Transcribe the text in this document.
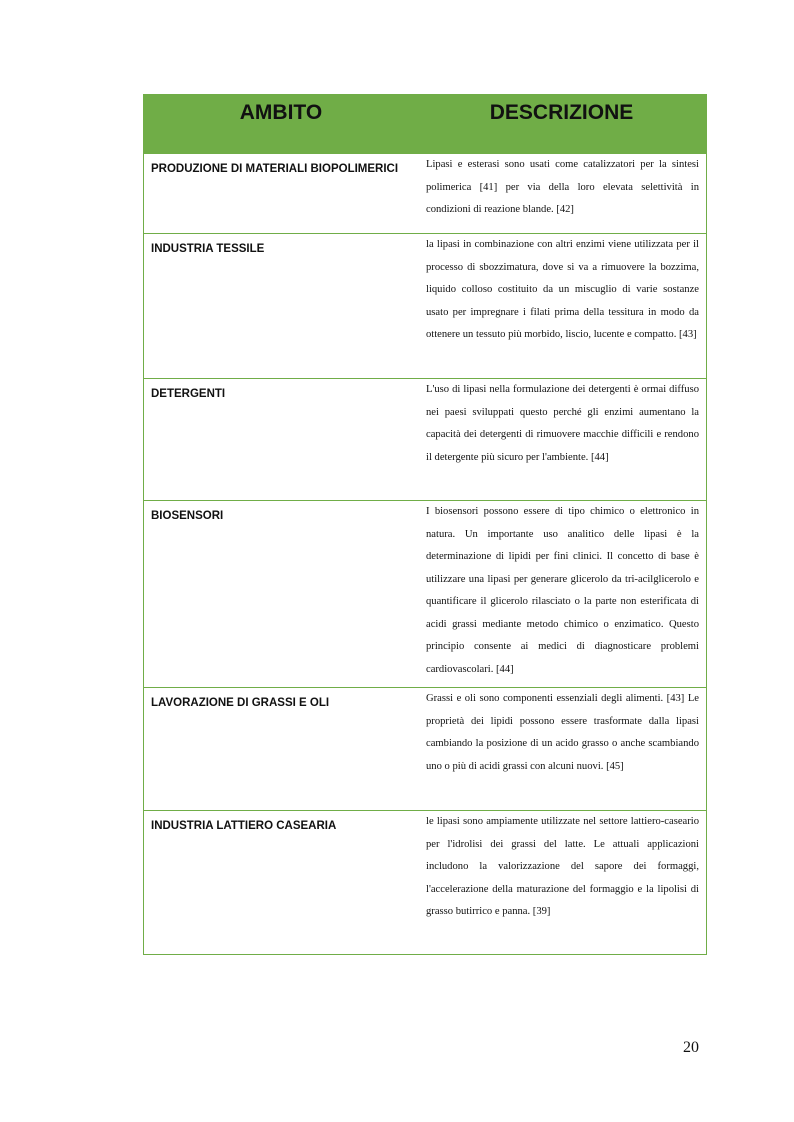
AMBITO	DESCRIZIONE
PRODUZIONE DI MATERIALI BIOPOLIMERICI	Lipasi e esterasi sono usati come catalizzatori per la sintesi polimerica [41] per via della loro elevata selettività in condizioni di reazione blande. [42]
INDUSTRIA TESSILE	la lipasi in combinazione con altri enzimi viene utilizzata per il processo di sbozzimatura, dove si va a rimuovere la bozzima, liquido colloso costituito da un miscuglio di varie sostanze usato per impregnare i filati prima della tessitura in modo da ottenere un tessuto più morbido, liscio, lucente e compatto. [43]
DETERGENTI	L'uso di lipasi nella formulazione dei detergenti è ormai diffuso nei paesi sviluppati questo perché gli enzimi aumentano la capacità dei detergenti di rimuovere macchie difficili e rendono il detergente più sicuro per l'ambiente. [44]
BIOSENSORI	I biosensori possono essere di tipo chimico o elettronico in natura. Un importante uso analitico delle lipasi è la determinazione di lipidi per fini clinici. Il concetto di base è utilizzare una lipasi per generare glicerolo da tri-acilglicerolo e quantificare il glicerolo rilasciato o la parte non esterificata di acidi grassi mediante metodo chimico o enzimatico. Questo principio consente ai medici di diagnosticare problemi cardiovascolari. [44]
LAVORAZIONE DI GRASSI E OLI	Grassi e oli sono componenti essenziali degli alimenti. [43] Le proprietà dei lipidi possono essere trasformate dalla lipasi cambiando la posizione di un acido grasso o anche scambiando uno o più di acidi grassi con alcuni nuovi. [45]
INDUSTRIA LATTIERO CASEARIA	le lipasi sono ampiamente utilizzate nel settore lattiero-caseario per l'idrolisi dei grassi del latte. Le attuali applicazioni includono la valorizzazione del sapore dei formaggi, l'accelerazione della maturazione del formaggio e la lipolisi di grasso butirrico e panna. [39]
20
